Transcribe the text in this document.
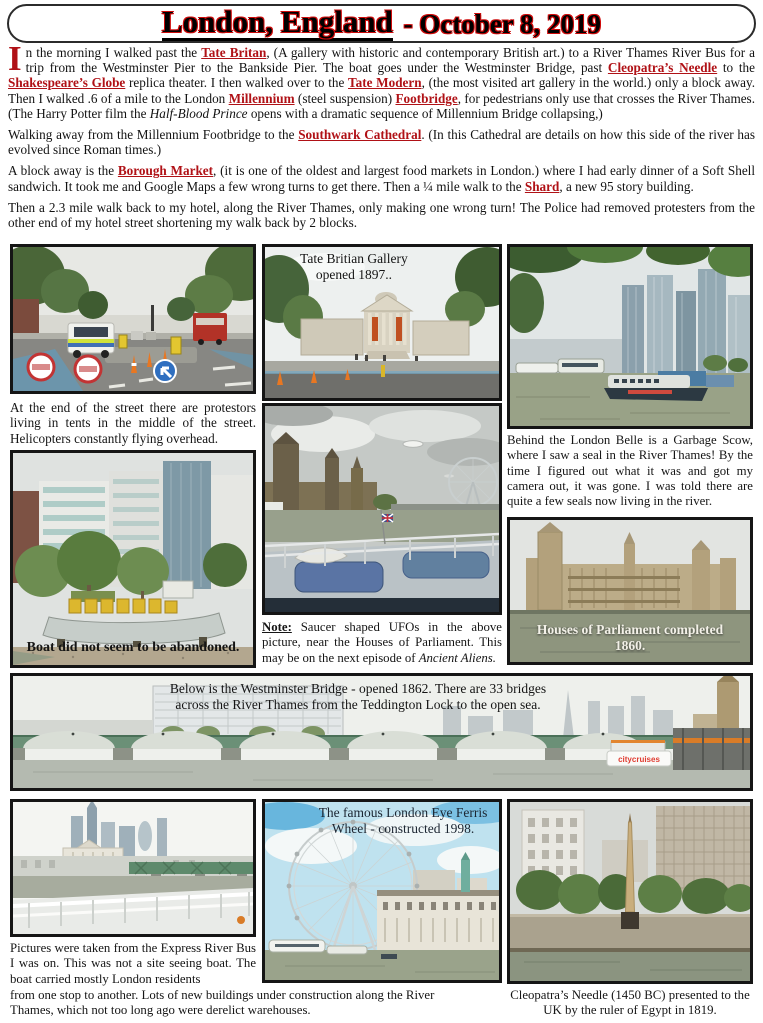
London, England - October 8, 2019

In the morning I walked past the Tate Britan, (A gallery with historic and contemporary British art.) to a River Thames River Bus for a trip from the Westminster Pier to the Bankside Pier. The boat goes under the Westminster Bridge, past Cleopatra’s Needle to the Shakespeare’s Globe replica theater. I then walked over to the Tate Modern, (the most visited art gallery in the world.) only a block away. Then I walked .6 of a mile to the London Millennium (steel suspension) Footbridge, for pedestrians only use that crosses the River Thames. (The Harry Potter film the Half-Blood Prince opens with a dramatic sequence of Millennium Bridge collapsing,)

Walking away from the Millennium Footbridge to the Southwark Cathedral. (In this Cathedral are details on how this side of the river has evolved since Roman times.)

A block away is the Borough Market, (it is one of the oldest and largest food markets in London.) where I had early dinner of a Soft Shell sandwich. It took me and Google Maps a few wrong turns to get there. Then a ¼ mile walk to the Shard, a new 95 story building.

Then a 2.3 mile walk back to my hotel, along the River Thames, only making one wrong turn! The Police had removed protesters from the other end of my hotel street shortening my walk back by 2 blocks.

At the end of the street there are protestors living in tents in the middle of the street. Helicopters constantly flying overhead.
Tate Britian Gallery opened 1897..
Behind the London Belle is a Garbage Scow, where I saw a seal in the River Thames! By the time I figured out what it was and got my camera out, it was gone. I was told there are quite a few seals now living in the river.
Boat did not seem to be abandoned.
Note: Saucer shaped UFOs in the above picture, near the Houses of Parliament. This may be on the next episode of Ancient Aliens.
Houses of Parliament completed 1860.
citycruises
Below is the Westminster Bridge - opened 1862. There are 33 bridges across the River Thames from the Teddington Lock to the open sea.
Pictures were taken from the Express River Bus I was on. This was not a site seeing boat. The boat carried mostly London residents
from one stop to another. Lots of new buildings under construction along the River Thames, which not too long ago were derelict warehouses.
The famous London Eye Ferris Wheel - constructed 1998.
Cleopatra’s Needle (1450 BC) presented to the UK by the ruler of Egypt in 1819.
